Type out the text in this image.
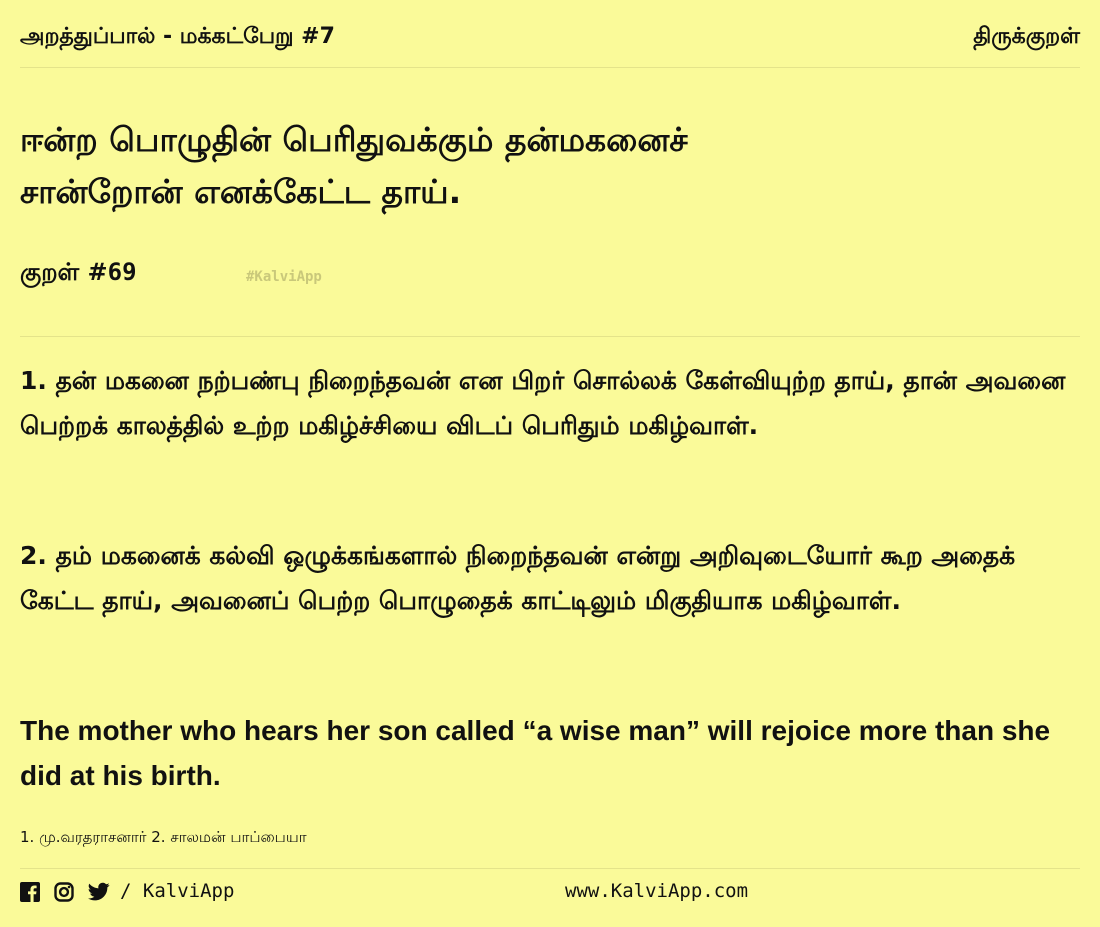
அறத்துப்பால் - மக்கட்பேறு #7	திருக்குறள்
ஈன்ற பொழுதின் பெரிதுவக்கும் தன்மகனைச்
சான்றோன் எனக்கேட்ட தாய்.
குறள் #69	#KalviApp
1. தன் மகனை நற்பண்பு நிறைந்தவன் என பிறர் சொல்லக் கேள்வியுற்ற தாய், தான் அவனை பெற்றக் காலத்தில் உற்ற மகிழ்ச்சியை விடப் பெரிதும் மகிழ்வாள்.
2. தம் மகனைக் கல்வி ஒழுக்கங்களால் நிறைந்தவன் என்று அறிவுடையோர் கூற அதைக் கேட்ட தாய், அவனைப் பெற்ற பொழுதைக் காட்டிலும் மிகுதியாக மகிழ்வாள்.
The mother who hears her son called “a wise man” will rejoice more than she did at his birth.
1. மு.வரதராசனார் 2. சாலமன் பாப்பையா
/ KalviApp	www.KalviApp.com
